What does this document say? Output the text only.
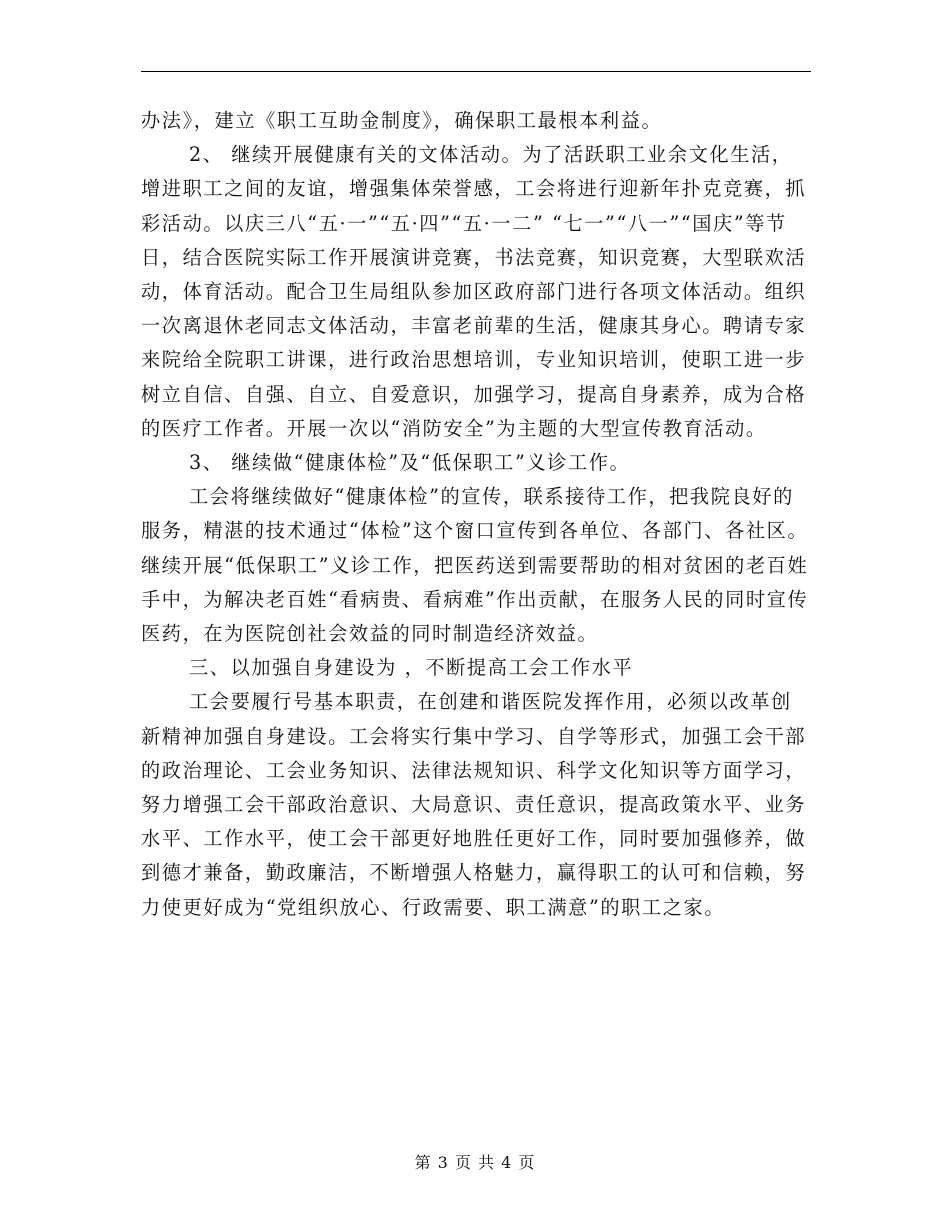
办法》，建立《职工互助金制度》，确保职工最根本利益。

2、 继续开展健康有关的文体活动。为了活跃职工业余文化生活，增进职工之间的友谊，增强集体荣誉感，工会将进行迎新年扑克竞赛，抓彩活动。以庆三八“五·一”“五·四”“五·一二” “七一”“八一”“国庆”等节日，结合医院实际工作开展演讲竞赛，书法竞赛，知识竞赛，大型联欢活动，体育活动。配合卫生局组队参加区政府部门进行各项文体活动。组织一次离退休老同志文体活动，丰富老前辈的生活，健康其身心。聘请专家来院给全院职工讲课，进行政治思想培训，专业知识培训，使职工进一步树立自信、自强、自立、自爱意识，加强学习，提高自身素养，成为合格的医疗工作者。开展一次以“消防安全”为主题的大型宣传教育活动。

3、 继续做“健康体检”及“低保职工”义诊工作。

工会将继续做好“健康体检”的宣传，联系接待工作，把我院良好的服务，精湛的技术通过“体检”这个窗口宣传到各单位、各部门、各社区。继续开展“低保职工”义诊工作，把医药送到需要帮助的相对贫困的老百姓手中，为解决老百姓“看病贵、看病难”作出贡献，在服务人民的同时宣传医药，在为医院创社会效益的同时制造经济效益。

三、以加强自身建设为 ，不断提高工会工作水平

工会要履行号基本职责，在创建和谐医院发挥作用，必须以改革创新精神加强自身建设。工会将实行集中学习、自学等形式，加强工会干部的政治理论、工会业务知识、法律法规知识、科学文化知识等方面学习，努力增强工会干部政治意识、大局意识、责任意识，提高政策水平、业务水平、工作水平，使工会干部更好地胜任更好工作，同时要加强修养，做到德才兼备，勤政廉洁，不断增强人格魅力，赢得职工的认可和信赖，努力使更好成为“党组织放心、行政需要、职工满意”的职工之家。

第 3 页 共 4 页
